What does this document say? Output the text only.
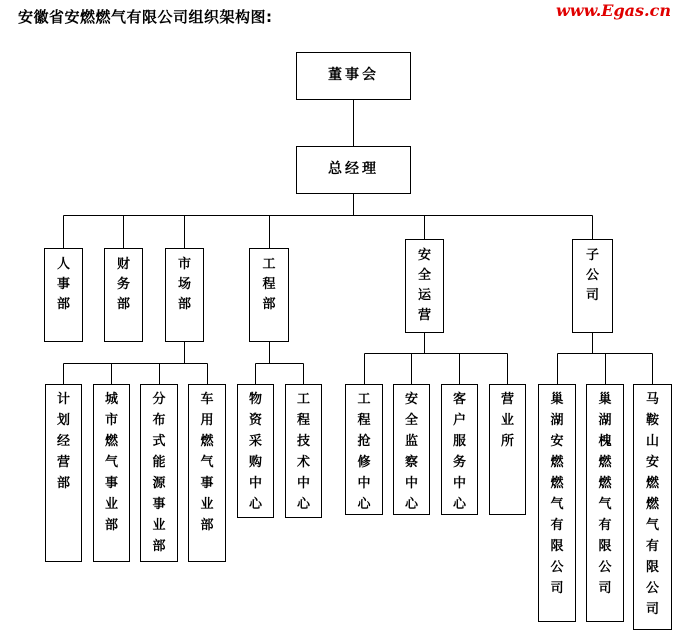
安徽省安燃燃气有限公司组织架构图:	www.Egas.cn
董事会
总经理
人事部
财务部
市场部
工程部
安全运营
子公司
计划经营部
城市燃气事业部
分布式能源事业部
车用燃气事业部
物资采购中心
工程技术中心
工程抢修中心
安全监察中心
客户服务中心
营业所
巢湖安燃燃气有限公司
巢湖槐燃燃气有限公司
马鞍山安燃燃气有限公司
